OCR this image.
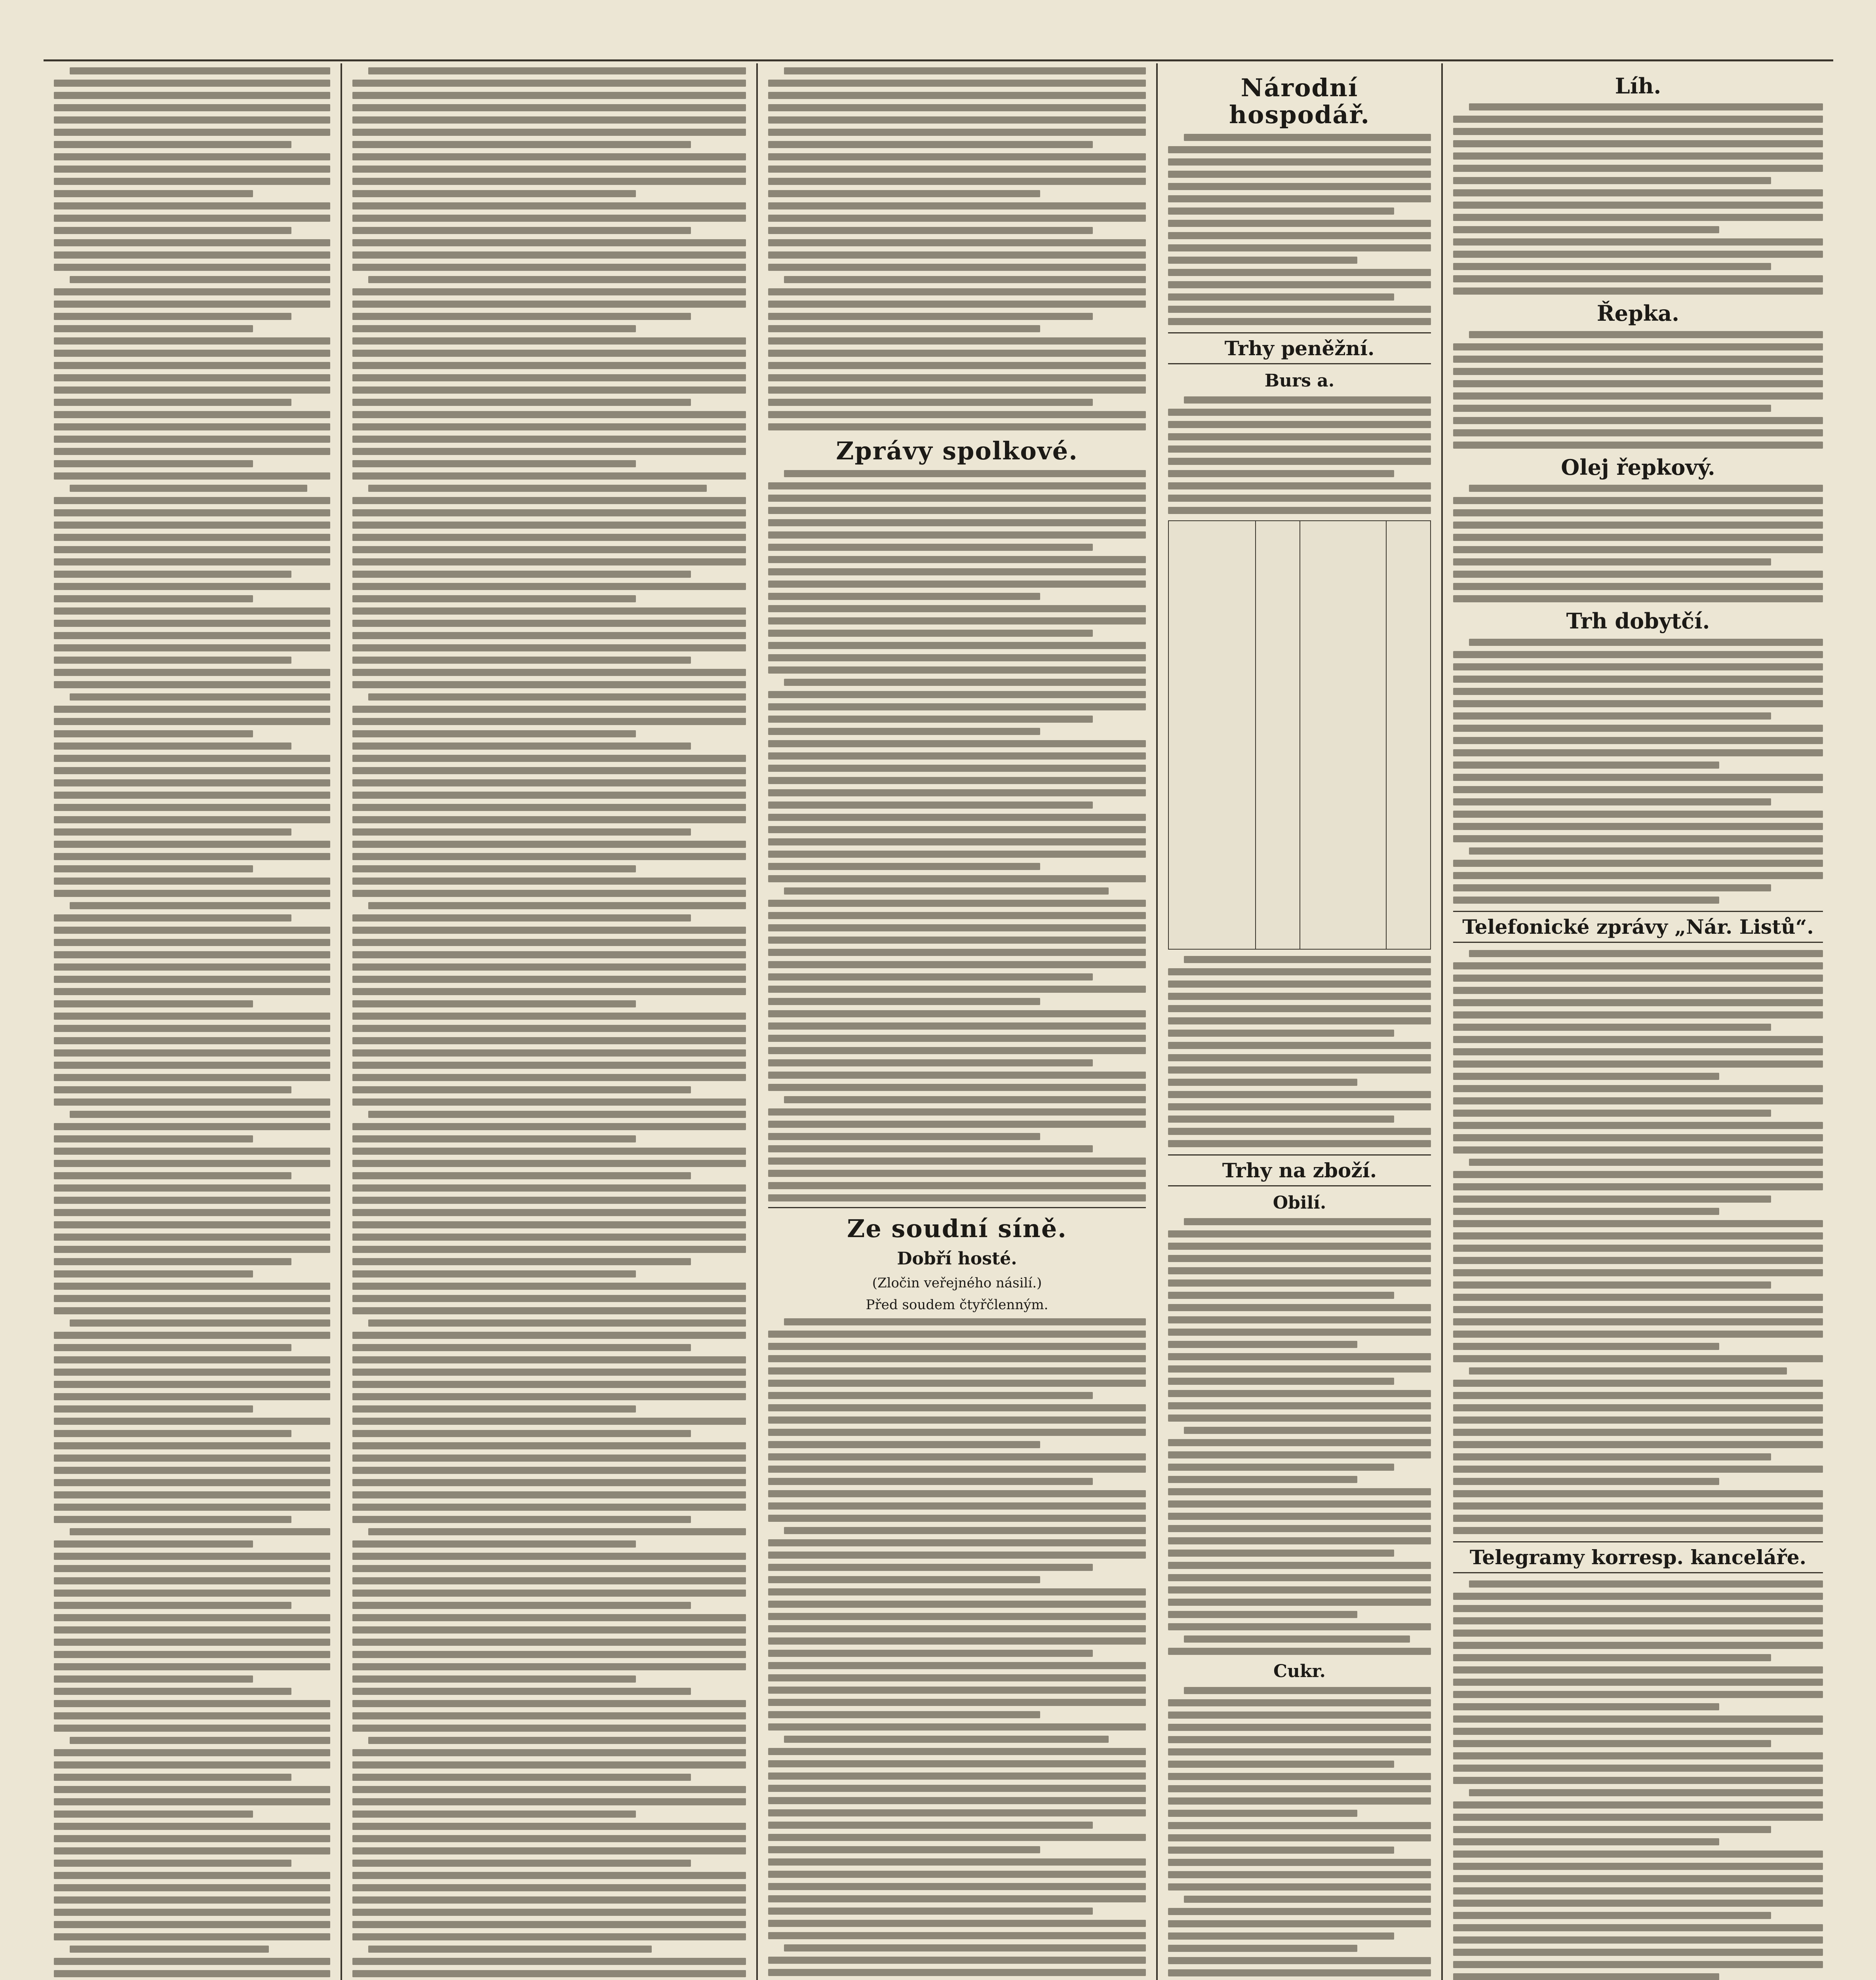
Zprávy spolkové.
Ze soudní síně.
Dobří hosté.
(Zločin veřejného násilí.)
Před soudem čtyřčlenným.
Národní hospodář.
Trhy peněžní.
Burs a.
Trhy na zboží.
Obilí.
Cukr.
Líh.
Řepka.
Olej řepkový.
Trh dobytčí.
Telefonické zprávy „Nár. Listů“.
Telegramy korresp. kanceláře.
